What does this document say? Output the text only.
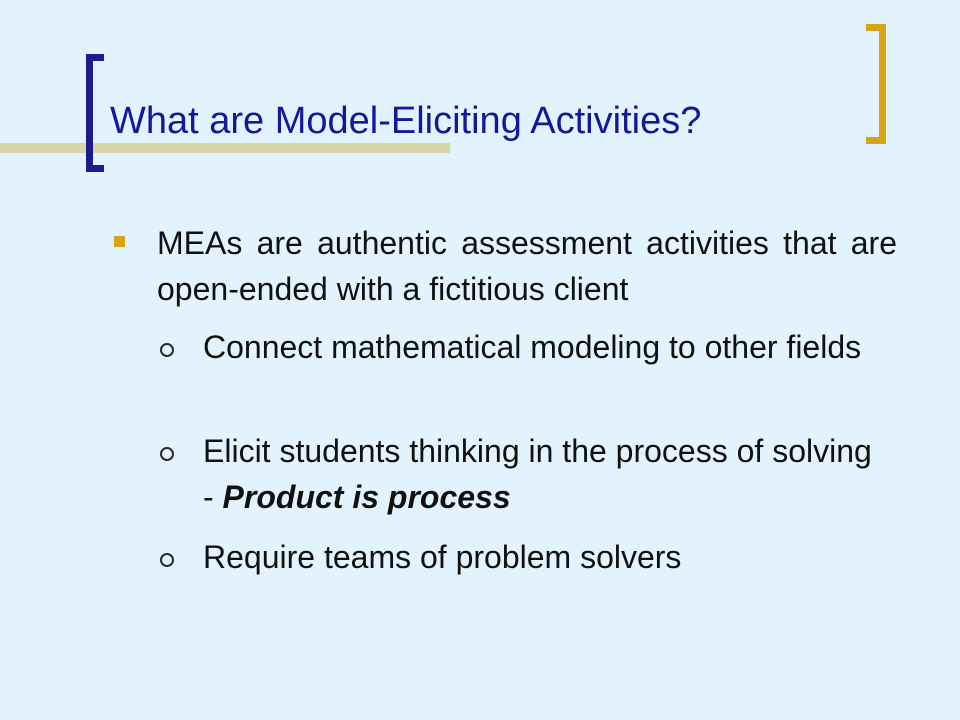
What are Model-Eliciting Activities?
MEAs are authentic assessment activities that are open-ended with a fictitious client
Connect mathematical modeling to other fields
Elicit students thinking in the process of solving - Product is process
Require teams of problem solvers
